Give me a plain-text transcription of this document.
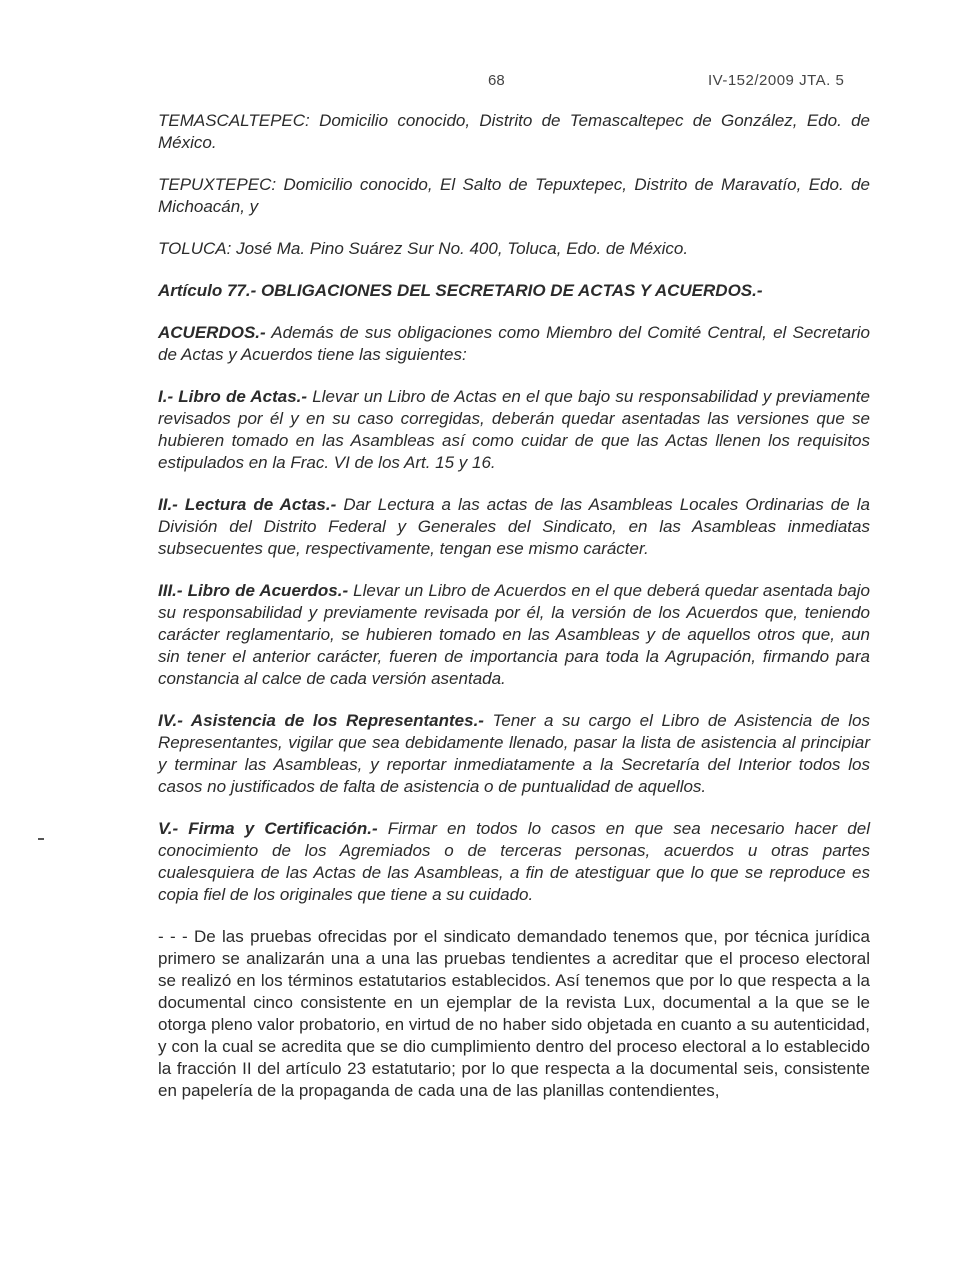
68	IV-152/2009 JTA. 5

TEMASCALTEPEC: Domicilio conocido, Distrito de Temascaltepec de González, Edo. de México.

TEPUXTEPEC: Domicilio conocido, El Salto de Tepuxtepec, Distrito de Maravatío, Edo. de Michoacán, y

TOLUCA: José Ma. Pino Suárez Sur No. 400, Toluca, Edo. de México.

Artículo 77.- OBLIGACIONES DEL SECRETARIO DE ACTAS Y ACUERDOS.-

ACUERDOS.- Además de sus obligaciones como Miembro del Comité Central, el Secretario de Actas y Acuerdos tiene las siguientes:

I.- Libro de Actas.- Llevar un Libro de Actas en el que bajo su responsabilidad y previamente revisados por él y en su caso corregidas, deberán quedar asentadas las versiones que se hubieren tomado en las Asambleas así como cuidar de que las Actas llenen los requisitos estipulados en la Frac. VI de los Art. 15 y 16.

II.- Lectura de Actas.- Dar Lectura a las actas de las Asambleas Locales Ordinarias de la División del Distrito Federal y Generales del Sindicato, en las Asambleas inmediatas subsecuentes que, respectivamente, tengan ese mismo carácter.

III.- Libro de Acuerdos.- Llevar un Libro de Acuerdos en el que deberá quedar asentada bajo su responsabilidad y previamente revisada por él, la versión de los Acuerdos que, teniendo carácter reglamentario, se hubieren tomado en las Asambleas y de aquellos otros que, aun sin tener el anterior carácter, fueren de importancia para toda la Agrupación, firmando para constancia al calce de cada versión asentada.

IV.- Asistencia de los Representantes.- Tener a su cargo el Libro de Asistencia de los Representantes, vigilar que sea debidamente llenado, pasar la lista de asistencia al principiar y terminar las Asambleas, y reportar inmediatamente a la Secretaría del Interior todos los casos no justificados de falta de asistencia o de puntualidad de aquellos.

V.- Firma y Certificación.- Firmar en todos lo casos en que sea necesario hacer del conocimiento de los Agremiados o de terceras personas, acuerdos u otras partes cualesquiera de las Actas de las Asambleas, a fin de atestiguar que lo que se reproduce es copia fiel de los originales que tiene a su cuidado.

- - - De las pruebas ofrecidas por el sindicato demandado tenemos que, por técnica jurídica primero se analizarán una a una las pruebas tendientes a acreditar que el proceso electoral se realizó en los términos estatutarios establecidos. Así tenemos que por lo que respecta a la documental cinco consistente en un ejemplar de la revista Lux, documental a la que se le otorga pleno valor probatorio, en virtud de no haber sido objetada en cuanto a su autenticidad, y con la cual se acredita que se dio cumplimiento dentro del proceso electoral a lo establecido la fracción II del artículo 23 estatutario; por lo que respecta a la documental seis, consistente en papelería de la propaganda de cada una de las planillas contendientes,
